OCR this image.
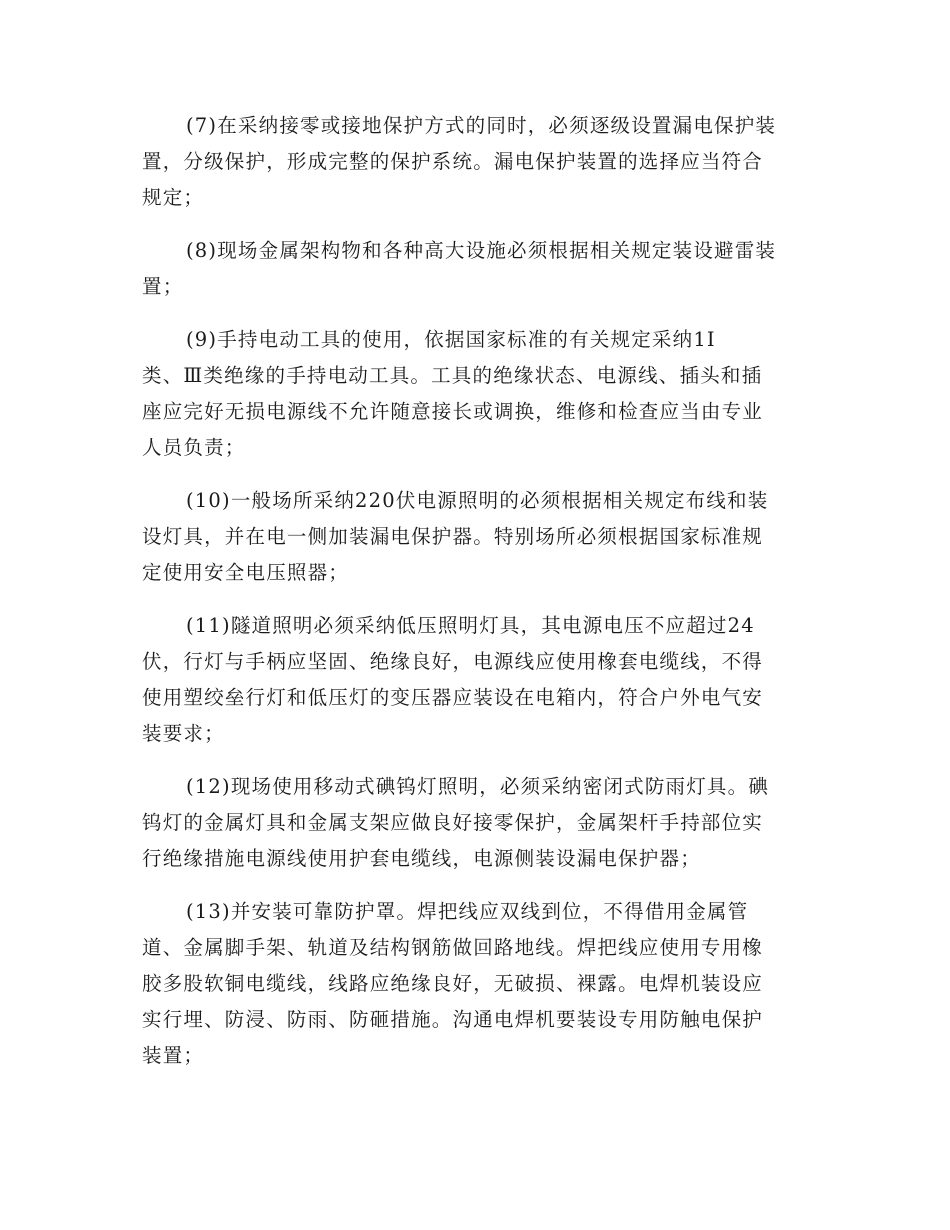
(7)在采纳接零或接地保护方式的同时，必须逐级设置漏电保护装
置，分级保护，形成完整的保护系统。漏电保护装置的选择应当符合
规定；

(8)现场金属架构物和各种高大设施必须根据相关规定装设避雷装
置；

(9)手持电动工具的使用，依据国家标准的有关规定采纳1I
类、Ⅲ类绝缘的手持电动工具。工具的绝缘状态、电源线、插头和插
座应完好无损电源线不允许随意接长或调换，维修和检查应当由专业
人员负责；

(10)一般场所采纳220伏电源照明的必须根据相关规定布线和装
设灯具，并在电一侧加装漏电保护器。特别场所必须根据国家标准规
定使用安全电压照器；

(11)隧道照明必须采纳低压照明灯具，其电源电压不应超过24
伏，行灯与手柄应坚固、绝缘良好，电源线应使用橡套电缆线，不得
使用塑绞垒行灯和低压灯的变压器应装设在电箱内，符合户外电气安
装要求；

(12)现场使用移动式碘钨灯照明，必须采纳密闭式防雨灯具。碘
钨灯的金属灯具和金属支架应做良好接零保护，金属架杆手持部位实
行绝缘措施电源线使用护套电缆线，电源侧装设漏电保护器；

(13)并安装可靠防护罩。焊把线应双线到位，不得借用金属管
道、金属脚手架、轨道及结构钢筋做回路地线。焊把线应使用专用橡
胶多股软铜电缆线，线路应绝缘良好，无破损、裸露。电焊机装设应
实行埋、防浸、防雨、防砸措施。沟通电焊机要装设专用防触电保护
装置；
